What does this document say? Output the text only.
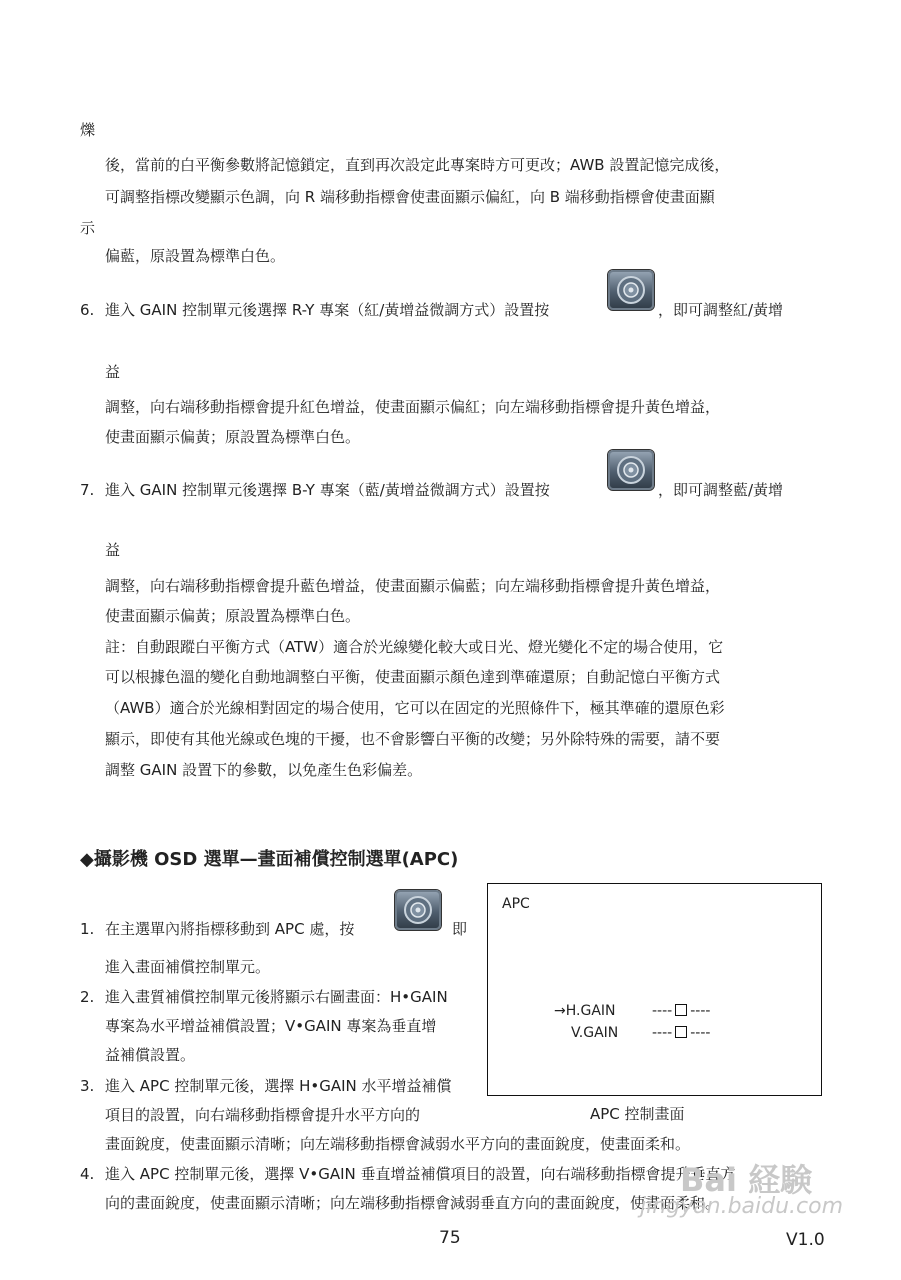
爍

後，當前的白平衡參數將記憶鎖定，直到再次設定此專案時方可更改；AWB 設置記憶完成後，

可調整指標改變顯示色調，向 R 端移動指標會使畫面顯示偏紅，向 B 端移動指標會使畫面顯

示

偏藍，原設置為標準白色。

6. 進入 GAIN 控制單元後選擇 R-Y 專案（紅/黃增益微調方式）設置按	，即可調整紅/黃增

益

調整，向右端移動指標會提升紅色增益，使畫面顯示偏紅；向左端移動指標會提升黃色增益，

使畫面顯示偏黃；原設置為標準白色。

7. 進入 GAIN 控制單元後選擇 B-Y 專案（藍/黃增益微調方式）設置按	，即可調整藍/黃增

益

調整，向右端移動指標會提升藍色增益，使畫面顯示偏藍；向左端移動指標會提升黃色增益，

使畫面顯示偏黃；原設置為標準白色。

註：自動跟蹤白平衡方式（ATW）適合於光線變化較大或日光、燈光變化不定的場合使用，它

可以根據色溫的變化自動地調整白平衡，使畫面顯示顏色達到準確還原；自動記憶白平衡方式

（AWB）適合於光線相對固定的場合使用，它可以在固定的光照條件下，極其準確的還原色彩

顯示，即使有其他光線或色塊的干擾，也不會影響白平衡的改變；另外除特殊的需要，請不要

調整 GAIN 設置下的參數，以免產生色彩偏差。

◆攝影機 OSD 選單—畫面補償控制選單(APC)
1. 在主選單內將指標移動到 APC 處，按	即

進入畫面補償控制單元。

2. 進入畫質補償控制單元後將顯示右圖畫面：H•GAIN

專案為水平增益補償設置；V•GAIN 專案為垂直增

益補償設置。

3. 進入 APC 控制單元後，選擇 H•GAIN 水平增益補償

項目的設置，向右端移動指標會提升水平方向的

畫面銳度，使畫面顯示清晰；向左端移動指標會減弱水平方向的畫面銳度，使畫面柔和。

4. 進入 APC 控制單元後，選擇 V•GAIN 垂直增益補償項目的設置，向右端移動指標會提升垂直方

向的畫面銳度，使畫面顯示清晰；向左端移動指標會減弱垂直方向的畫面銳度，使畫面柔和。

APC
→H.GAIN	---- ----
V.GAIN ---- ----

APC 控制畫面

75	V1.0

Bai 経験
jingyan.baidu.com
